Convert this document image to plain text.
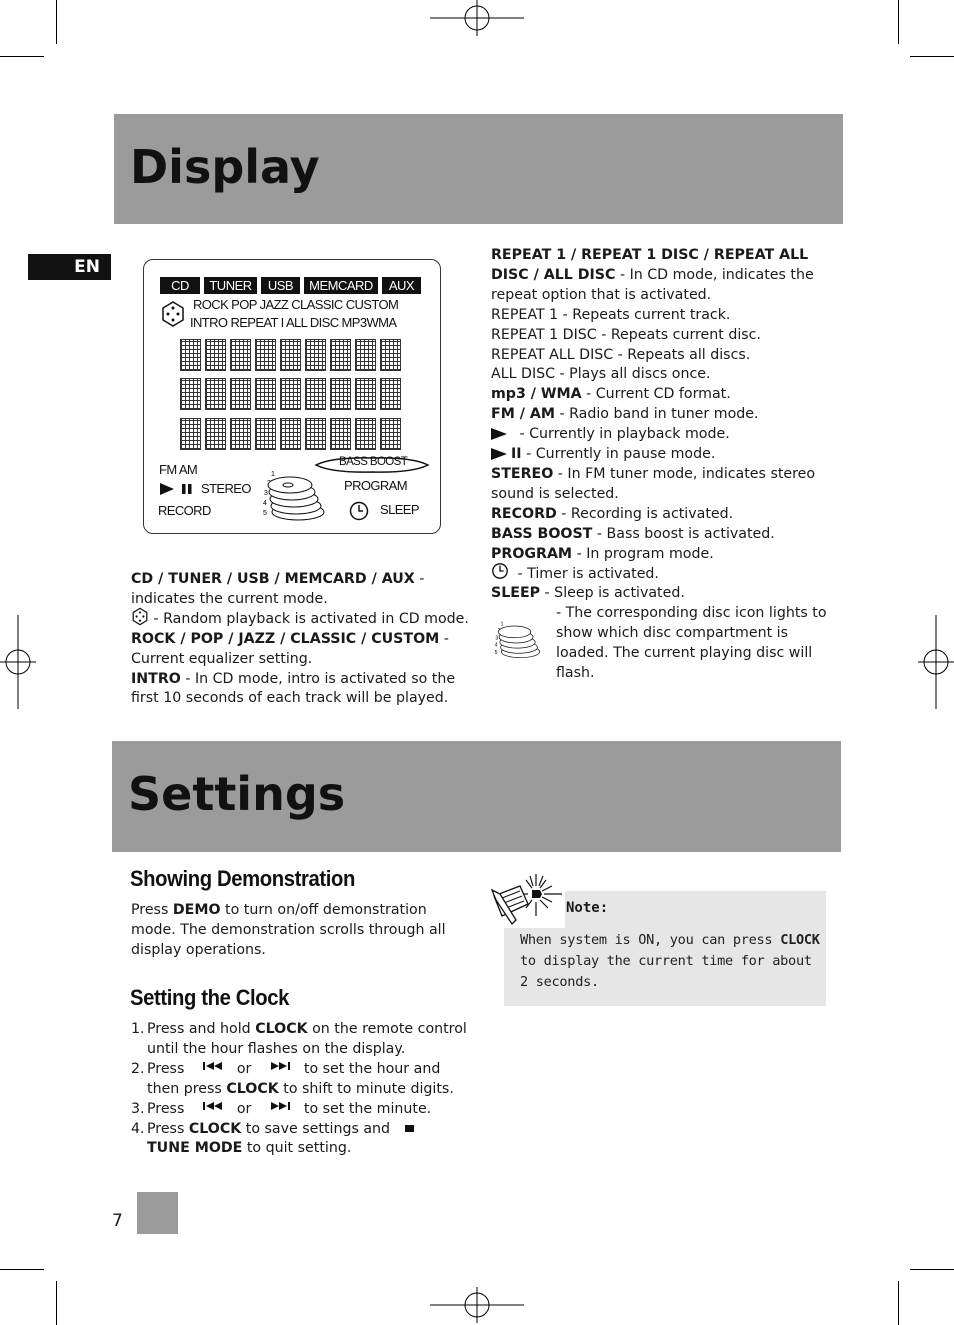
Display
EN
CD	TUNER	USB	MEMCARD	AUX
ROCK POP JAZZ CLASSIC CUSTOM
INTRO REPEAT I ALL DISC MP3WMA
FM AM
STEREO
RECORD
1
3
4
5
BASS BOOST
PROGRAM
SLEEP
CD / TUNER / USB / MEMCARD / AUX - indicates the current mode.
- Random playback is activated in CD mode.
ROCK / POP / JAZZ / CLASSIC / CUSTOM - Current equalizer setting.
INTRO - In CD mode, intro is activated so the first 10 seconds of each track will be played.
REPEAT 1 / REPEAT 1 DISC / REPEAT ALL DISC / ALL DISC - In CD mode, indicates the repeat option that is activated.
REPEAT 1 - Repeats current track.
REPEAT 1 DISC - Repeats current disc.
REPEAT ALL DISC - Repeats all discs.
ALL DISC - Plays all discs once.
mp3 / WMA - Current CD format.
FM / AM - Radio band in tuner mode.
- Currently in playback mode.
II - Currently in pause mode.
STEREO - In FM tuner mode, indicates stereo sound is selected.
RECORD - Recording is activated.
BASS BOOST - Bass boost is activated.
PROGRAM - In program mode.
- Timer is activated.
SLEEP - Sleep is activated.
- The corresponding disc icon lights to show which disc compartment is loaded. The current playing disc will flash.
1
3
4
5
Settings
Showing Demonstration
Press DEMO to turn on/off demonstration mode. The demonstration scrolls through all display operations.
Setting the Clock
1. Press and hold CLOCK on the remote control until the hour flashes on the display.
2. Press	or	to set the hour and then press CLOCK to shift to minute digits.
3. Press	or	to set the minute.
4. Press CLOCK to save settings and TUNE MODE to quit setting.
Note:
When system is ON, you can press CLOCK to display the current time for about 2 seconds.
7
